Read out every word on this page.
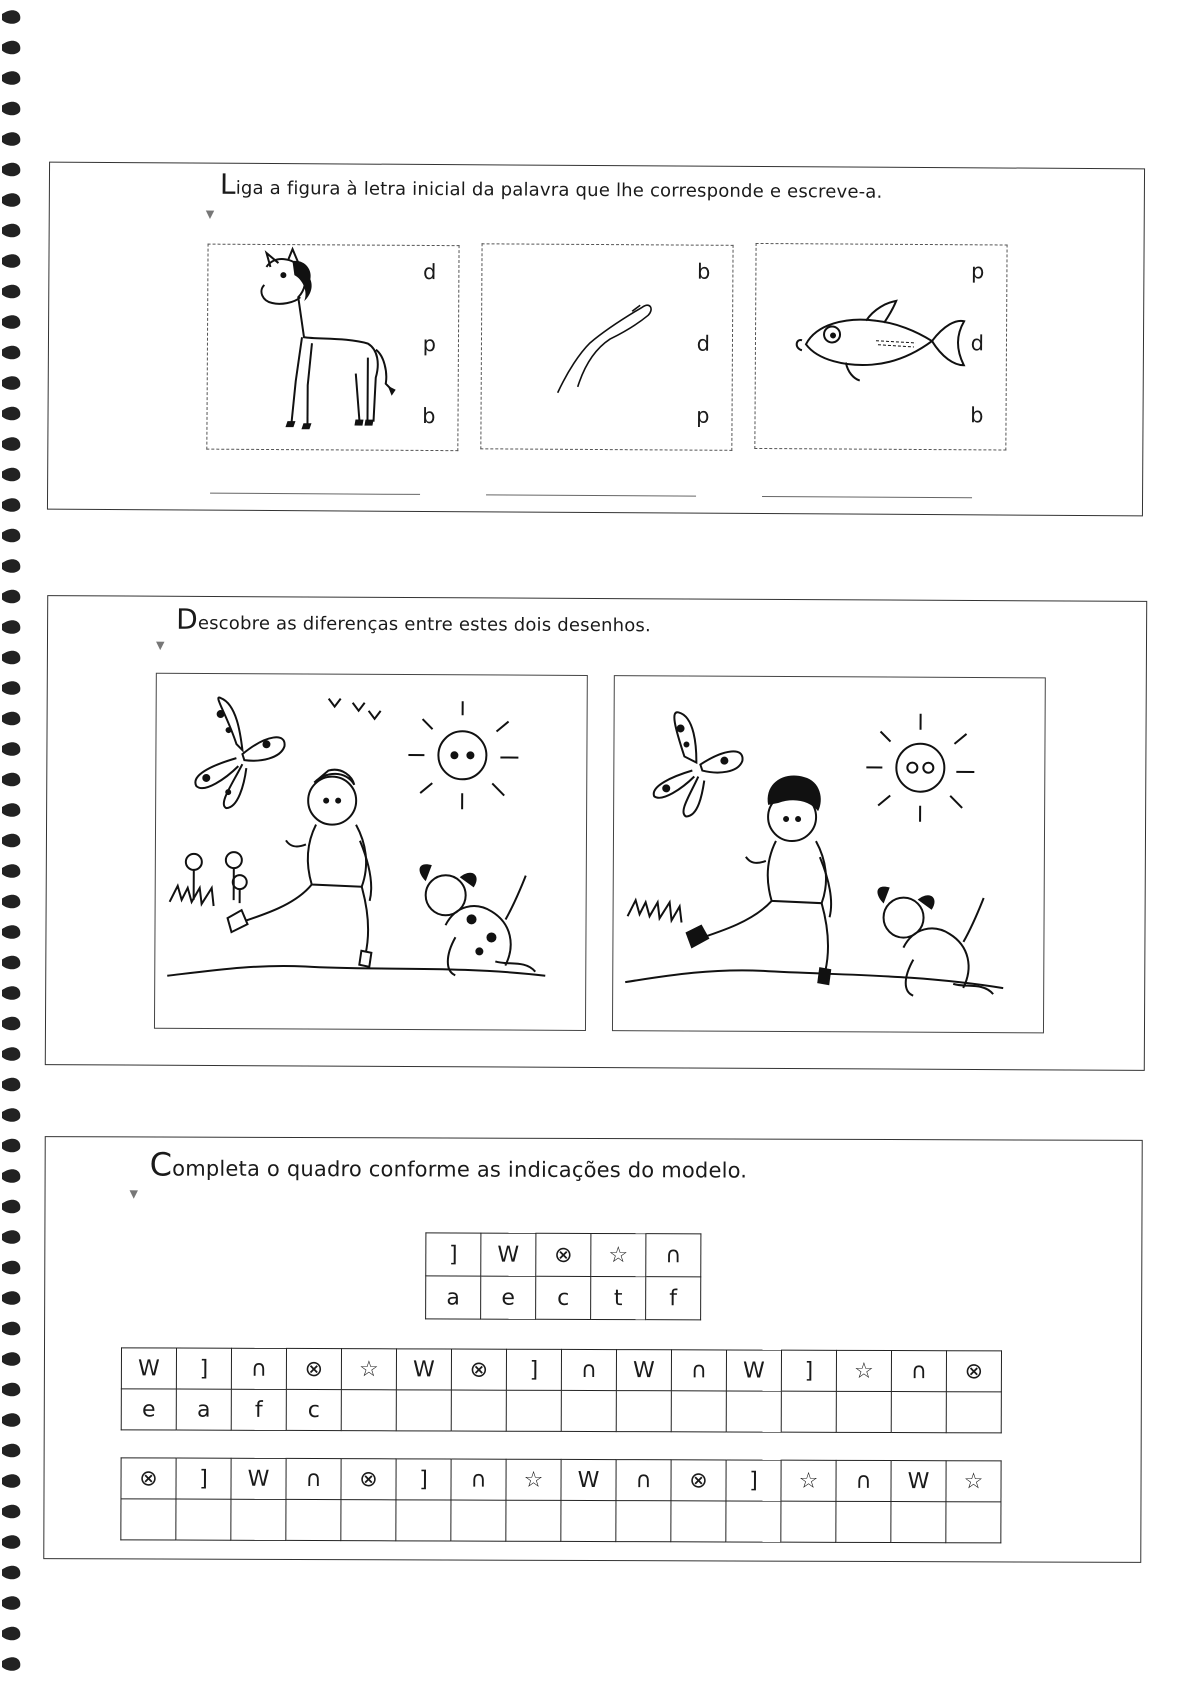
Liga a figura à letra inicial da palavra que lhe corresponde e escreve-a.
▼
d
p
b
b
d
p
p
d
b
Descobre as diferenças entre estes dois desenhos.
▼
Completa o quadro conforme as indicações do modelo.
▼
]	W	⊗	☆	∩
a	e	c	t	f
W	]	∩	⊗	☆	W	⊗	]	∩	W	∩	W	]	☆	∩	⊗
e	a	f	c												
⊗	]	W	∩	⊗	]	∩	☆	W	∩	⊗	]	☆	∩	W	☆
